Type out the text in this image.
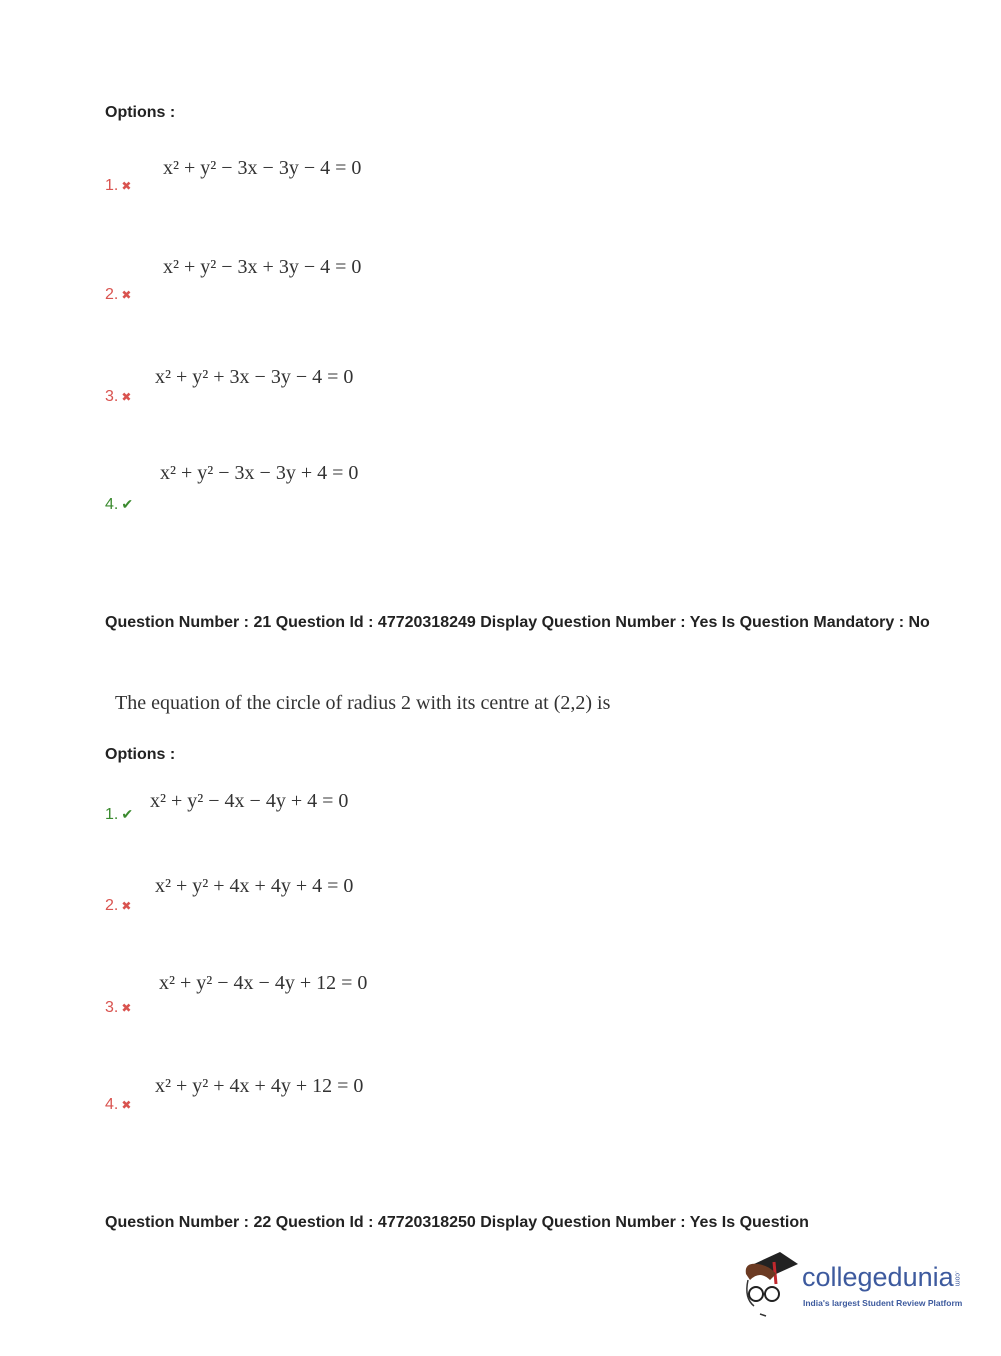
Options :
x² + y² − 3x − 3y − 4 = 0
1. ✖
x² + y² − 3x + 3y − 4 = 0
2. ✖
x² + y² + 3x − 3y − 4 = 0
3. ✖
x² + y² − 3x − 3y + 4 = 0
4. ✔
Question Number : 21 Question Id : 47720318249 Display Question Number : Yes Is Question Mandatory : No
The equation of the circle of radius 2 with its centre at (2,2) is
Options :
x² + y² − 4x − 4y + 4 = 0
1. ✔
x² + y² + 4x + 4y + 4 = 0
2. ✖
x² + y² − 4x − 4y + 12 = 0
3. ✖
x² + y² + 4x + 4y + 12 = 0
4. ✖
Question Number : 22 Question Id : 47720318250 Display Question Number : Yes Is Question
collegedunia.com
India's largest Student Review Platform
